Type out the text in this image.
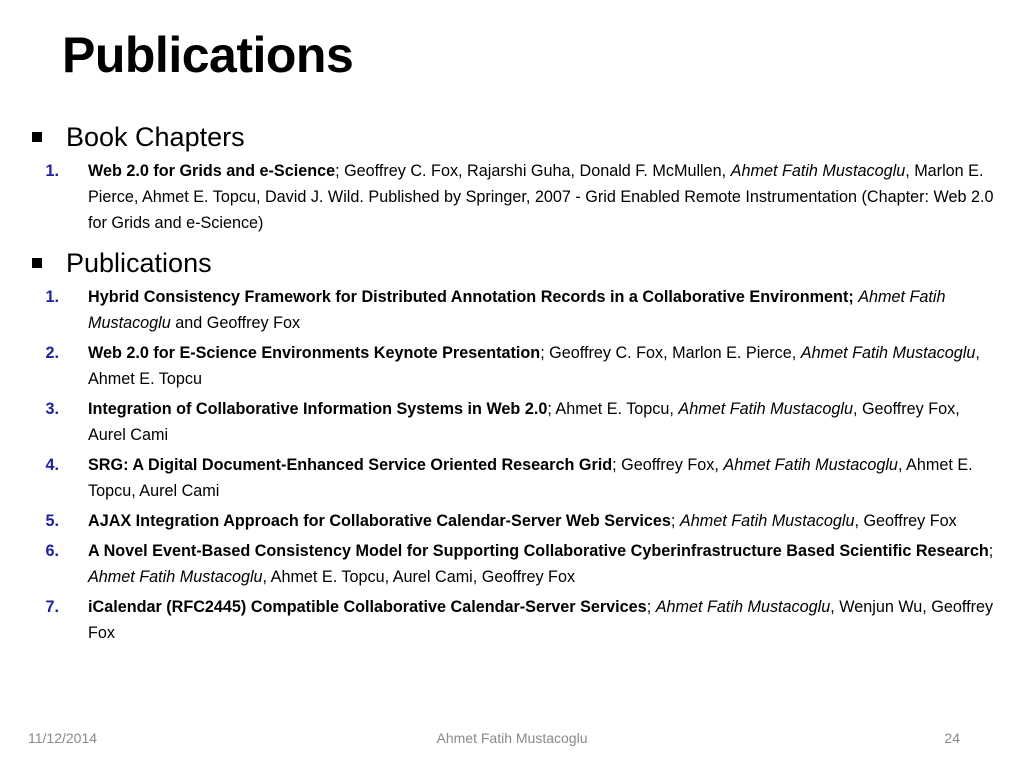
Publications
Book Chapters
1.	Web 2.0 for Grids and e-Science; Geoffrey C. Fox, Rajarshi Guha, Donald F. McMullen, Ahmet Fatih Mustacoglu, Marlon E. Pierce, Ahmet E. Topcu, David J. Wild. Published by Springer, 2007 - Grid Enabled Remote Instrumentation (Chapter: Web 2.0 for Grids and e-Science)
Publications
1.	Hybrid Consistency Framework for Distributed Annotation Records in a Collaborative Environment; Ahmet Fatih Mustacoglu and Geoffrey Fox
2.	Web 2.0 for E-Science Environments Keynote Presentation; Geoffrey C. Fox, Marlon E. Pierce, Ahmet Fatih Mustacoglu, Ahmet E. Topcu
3.	Integration of Collaborative Information Systems in Web 2.0; Ahmet E. Topcu, Ahmet Fatih Mustacoglu, Geoffrey Fox, Aurel Cami
4.	SRG: A Digital Document-Enhanced Service Oriented Research Grid; Geoffrey Fox, Ahmet Fatih Mustacoglu, Ahmet E. Topcu, Aurel Cami
5.	AJAX Integration Approach for Collaborative Calendar-Server Web Services; Ahmet Fatih Mustacoglu, Geoffrey Fox
6.	A Novel Event-Based Consistency Model for Supporting Collaborative Cyberinfrastructure Based Scientific Research; Ahmet Fatih Mustacoglu, Ahmet E. Topcu, Aurel Cami, Geoffrey Fox
7.	iCalendar (RFC2445) Compatible Collaborative Calendar-Server Services; Ahmet Fatih Mustacoglu, Wenjun Wu, Geoffrey Fox
11/12/2014	Ahmet Fatih Mustacoglu	24
